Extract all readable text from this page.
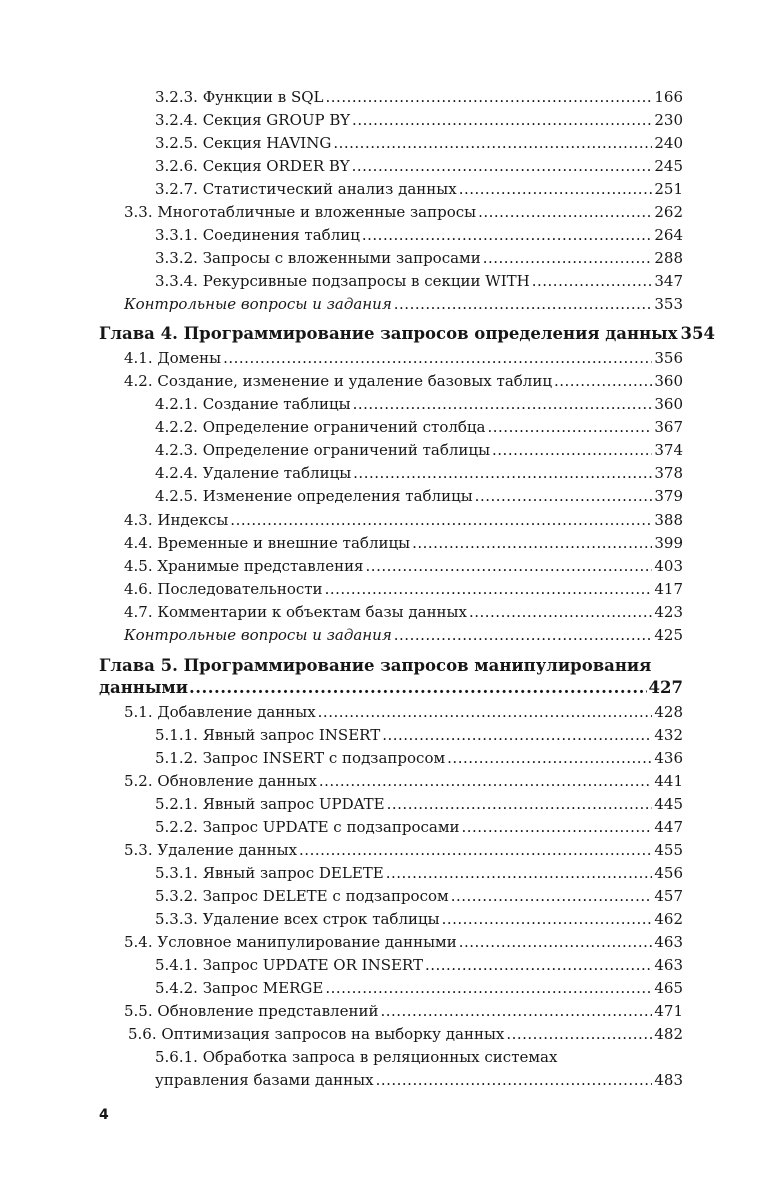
3.2.3. Функции в SQL .....	166
3.2.4. Секция GROUP BY .....	230
3.2.5. Секция HAVING .....	240
3.2.6. Секция ORDER BY .....	245
3.2.7. Статистический анализ данных .....	251
3.3. Многотабличные и вложенные запросы .....	262
3.3.1. Соединения таблиц .....	264
3.3.2. Запросы с вложенными запросами .....	288
3.3.4. Рекурсивные подзапросы в секции WITH .....	347
Контрольные вопросы и задания .....	353
Глава 4. Программирование запросов определения данных 354
4.1. Домены .....	356
4.2. Создание, изменение и удаление базовых таблиц .....	360
4.2.1. Создание таблицы .....	360
4.2.2. Определение ограничений столбца .....	367
4.2.3. Определение ограничений таблицы .....	374
4.2.4. Удаление таблицы .....	378
4.2.5. Изменение определения таблицы .....	379
4.3. Индексы .....	388
4.4. Временные и внешние таблицы .....	399
4.5. Хранимые представления .....	403
4.6. Последовательности .....	417
4.7. Комментарии к объектам базы данных .....	423
Контрольные вопросы и задания .....	425
Глава 5. Программирование запросов манипулирования
данными .....	427
5.1. Добавление данных .....	428
5.1.1. Явный запрос INSERT .....	432
5.1.2. Запрос INSERT с подзапросом .....	436
5.2. Обновление данных .....	441
5.2.1. Явный запрос UPDATE .....	445
5.2.2. Запрос UPDATE с подзапросами .....	447
5.3. Удаление данных .....	455
5.3.1. Явный запрос DELETE .....	456
5.3.2. Запрос DELETE с подзапросом .....	457
5.3.3. Удаление всех строк таблицы .....	462
5.4. Условное манипулирование данными .....	463
5.4.1. Запрос UPDATE OR INSERT .....	463
5.4.2. Запрос MERGE .....	465
5.5. Обновление представлений .....	471
5.6. Оптимизация запросов на выборку данных .....	482
5.6.1. Обработка запроса в реляционных системах
управления базами данных .....	483
4
